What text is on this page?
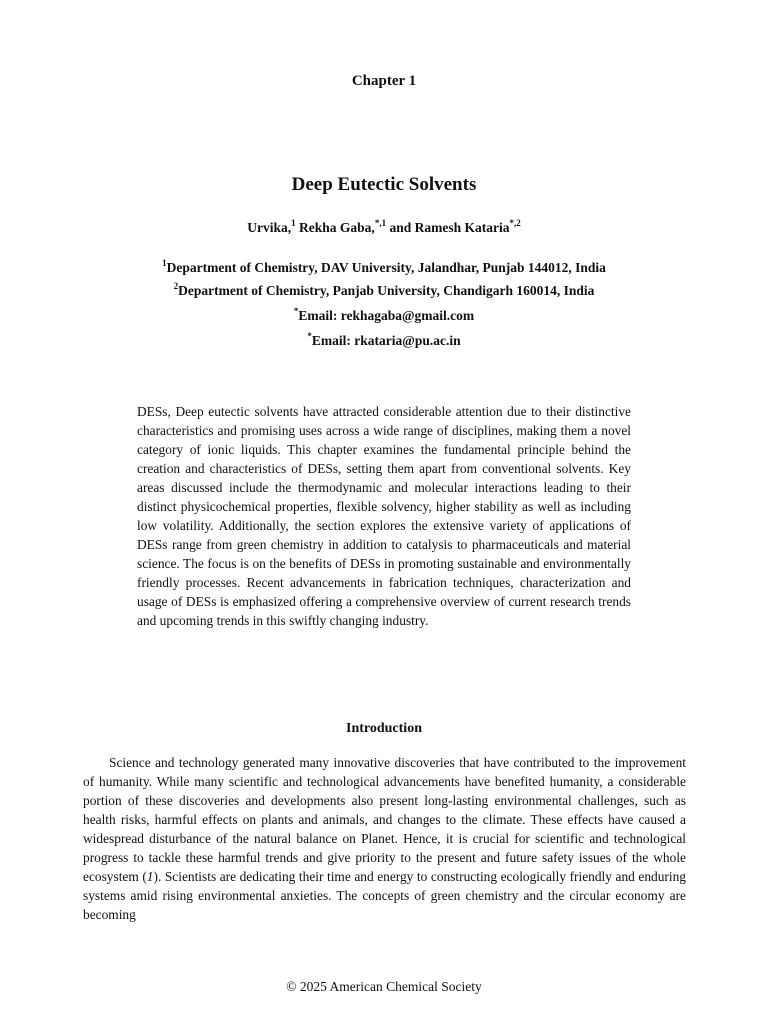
Chapter 1
Deep Eutectic Solvents
Urvika,$^1$ Rekha Gaba,$^{*,1}$ and Ramesh Kataria$^{*,2}$
$^1$Department of Chemistry, DAV University, Jalandhar, Punjab 144012, India
$^2$Department of Chemistry, Panjab University, Chandigarh 160014, India
*Email: rekhagaba@gmail.com
*Email: rkataria@pu.ac.in

DESs, Deep eutectic solvents have attracted considerable attention due to their distinctive characteristics and promising uses across a wide range of disciplines, making them a novel category of ionic liquids. This chapter examines the fundamental principle behind the creation and characteristics of DESs, setting them apart from conventional solvents. Key areas discussed include the thermodynamic and molecular interactions leading to their distinct physicochemical properties, flexible solvency, higher stability as well as including low volatility. Additionally, the section explores the extensive variety of applications of DESs range from green chemistry in addition to catalysis to pharmaceuticals and material science. The focus is on the benefits of DESs in promoting sustainable and environmentally friendly processes. Recent advancements in fabrication techniques, characterization and usage of DESs is emphasized offering a comprehensive overview of current research trends and upcoming trends in this swiftly changing industry.

Introduction

Science and technology generated many innovative discoveries that have contributed to the improvement of humanity. While many scientific and technological advancements have benefited humanity, a considerable portion of these discoveries and developments also present long-lasting environmental challenges, such as health risks, harmful effects on plants and animals, and changes to the climate. These effects have caused a widespread disturbance of the natural balance on Planet. Hence, it is crucial for scientific and technological progress to tackle these harmful trends and give priority to the present and future safety issues of the whole ecosystem (1). Scientists are dedicating their time and energy to constructing ecologically friendly and enduring systems amid rising environmental anxieties. The concepts of green chemistry and the circular economy are becoming

© 2025 American Chemical Society
